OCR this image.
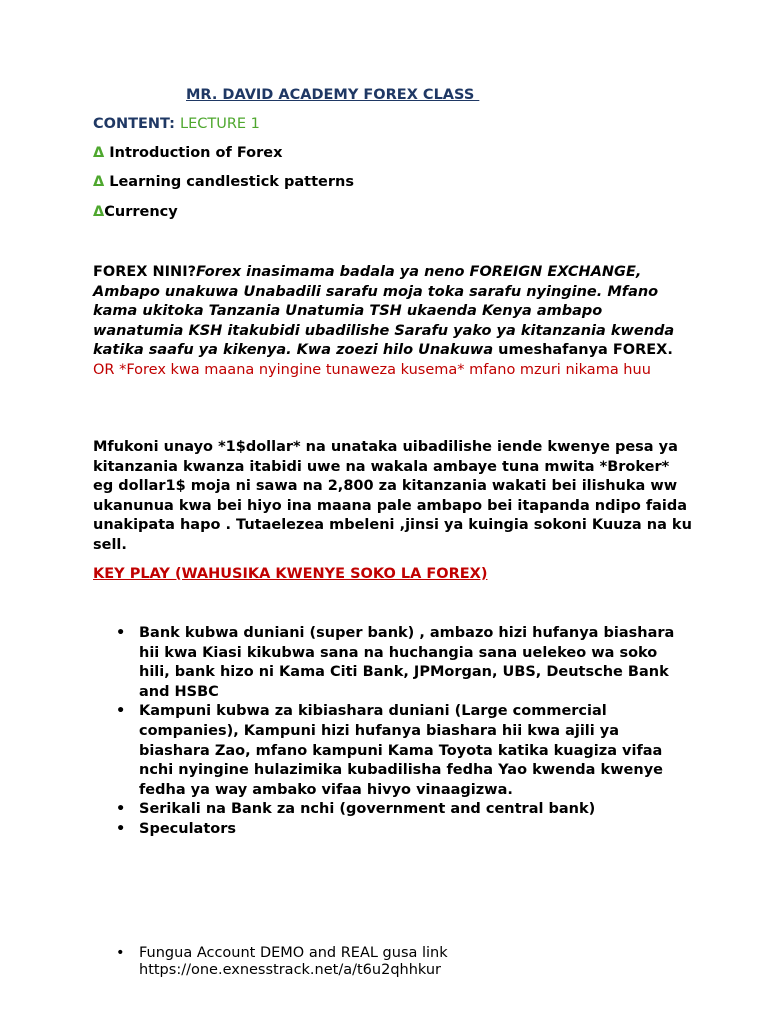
MR. DAVID ACADEMY FOREX CLASS
CONTENT: LECTURE 1
Δ Introduction of Forex
Δ Learning candlestick patterns
ΔCurrency
FOREX NINI?Forex inasimama badala ya neno FOREIGN EXCHANGE, Ambapo unakuwa Unabadili sarafu moja toka sarafu nyingine. Mfano kama ukitoka Tanzania Unatumia TSH ukaenda Kenya ambapo wanatumia KSH itakubidi ubadilishe Sarafu yako ya kitanzania kwenda katika saafu ya kikenya. Kwa zoezi hilo Unakuwa umeshafanya FOREX. OR *Forex kwa maana nyingine tunaweza kusema* mfano mzuri nikama huu
Mfukoni unayo *1$dollar* na unataka uibadilishe iende kwenye pesa ya kitanzania kwanza itabidi uwe na wakala ambaye tuna mwita *Broker* eg dollar1$ moja ni sawa na 2,800 za kitanzania wakati bei ilishuka ww ukanunua kwa bei hiyo ina maana pale ambapo bei itapanda ndipo faida unakipata hapo . Tutaelezea mbeleni ,jinsi ya kuingia sokoni Kuuza na ku sell.
KEY PLAY (WAHUSIKA KWENYE SOKO LA FOREX)
• Bank kubwa duniani (super bank) , ambazo hizi hufanya biashara hii kwa Kiasi kikubwa sana na huchangia sana uelekeo wa soko hili, bank hizo ni Kama Citi Bank, JPMorgan, UBS, Deutsche Bank and HSBC
• Kampuni kubwa za kibiashara duniani (Large commercial companies), Kampuni hizi hufanya biashara hii kwa ajili ya biashara Zao, mfano kampuni Kama Toyota katika kuagiza vifaa nchi nyingine hulazimika kubadilisha fedha Yao kwenda kwenye fedha ya way ambako vifaa hivyo vinaagizwa.
• Serikali na Bank za nchi (government and central bank)
• Speculators
• Fungua Account DEMO and REAL gusa link
https://one.exnesstrack.net/a/t6u2qhhkur
